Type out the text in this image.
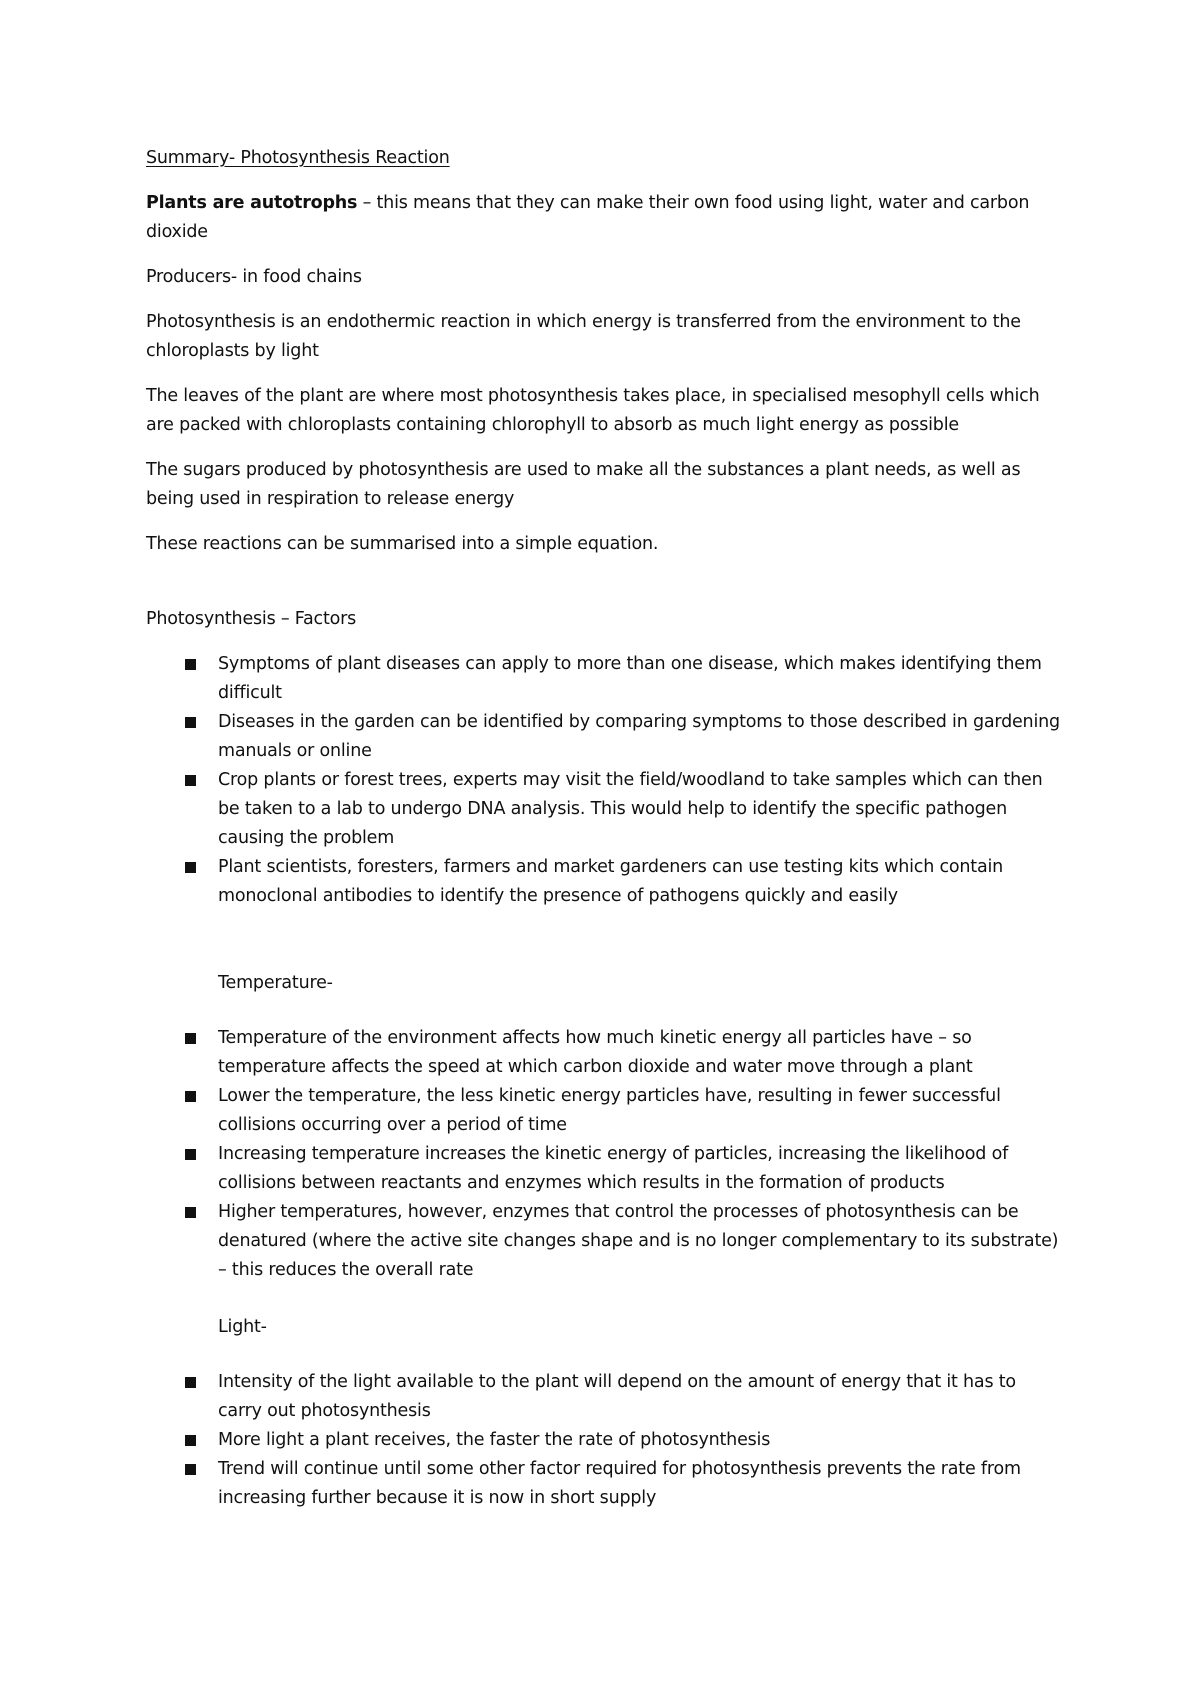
Summary- Photosynthesis Reaction

Plants are autotrophs – this means that they can make their own food using light, water and carbon dioxide

Producers- in food chains

Photosynthesis is an endothermic reaction in which energy is transferred from the environment to the chloroplasts by light

The leaves of the plant are where most photosynthesis takes place, in specialised mesophyll cells which are packed with chloroplasts containing chlorophyll to absorb as much light energy as possible

The sugars produced by photosynthesis are used to make all the substances a plant needs, as well as being used in respiration to release energy

These reactions can be summarised into a simple equation.

Photosynthesis – Factors
Symptoms of plant diseases can apply to more than one disease, which makes identifying them difficult
Diseases in the garden can be identified by comparing symptoms to those described in gardening manuals or online
Crop plants or forest trees, experts may visit the field/woodland to take samples which can then be taken to a lab to undergo DNA analysis. This would help to identify the specific pathogen causing the problem
Plant scientists, foresters, farmers and market gardeners can use testing kits which contain monoclonal antibodies to identify the presence of pathogens quickly and easily
Temperature-
Temperature of the environment affects how much kinetic energy all particles have – so temperature affects the speed at which carbon dioxide and water move through a plant
Lower the temperature, the less kinetic energy particles have, resulting in fewer successful collisions occurring over a period of time
Increasing temperature increases the kinetic energy of particles, increasing the likelihood of collisions between reactants and enzymes which results in the formation of products
Higher temperatures, however, enzymes that control the processes of photosynthesis can be denatured (where the active site changes shape and is no longer complementary to its substrate) – this reduces the overall rate
Light-
Intensity of the light available to the plant will depend on the amount of energy that it has to carry out photosynthesis
More light a plant receives, the faster the rate of photosynthesis
Trend will continue until some other factor required for photosynthesis prevents the rate from increasing further because it is now in short supply
